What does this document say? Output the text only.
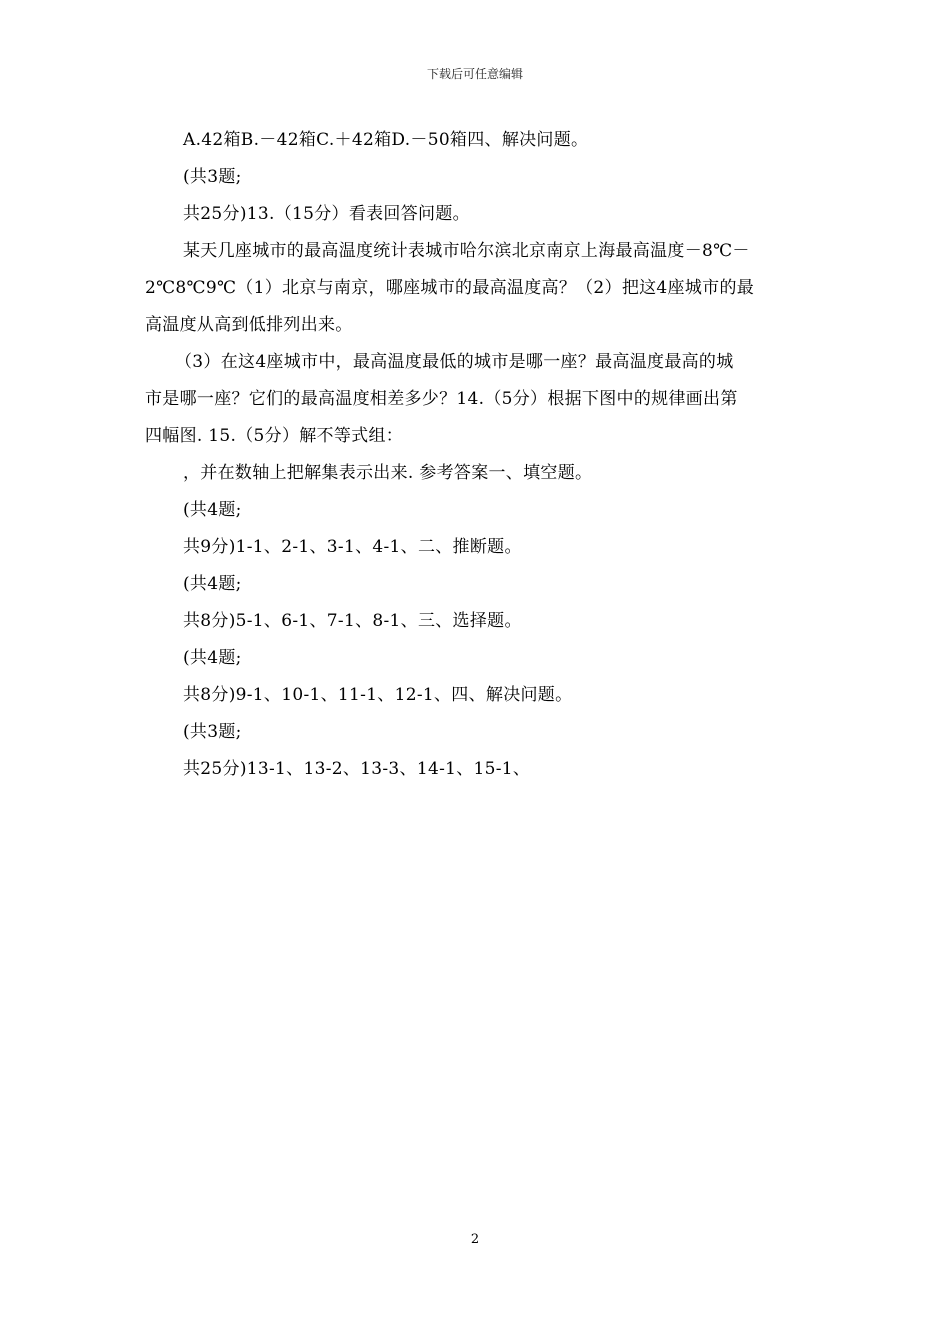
下载后可任意编辑
A.42箱B.－42箱C.＋42箱D.－50箱四、解决问题。
(共3题;
共25分)13.（15分）看表回答问题。
某天几座城市的最高温度统计表城市哈尔滨北京南京上海最高温度－8℃－
2℃8℃9℃（1）北京与南京，哪座城市的最高温度高？（2）把这4座城市的最
高温度从高到低排列出来。
（3）在这4座城市中，最高温度最低的城市是哪一座？最高温度最高的城
市是哪一座？它们的最高温度相差多少？14.（5分）根据下图中的规律画出第
四幅图. 15.（5分）解不等式组：
，并在数轴上把解集表示出来. 参考答案一、填空题。
(共4题;
共9分)1-1、2-1、3-1、4-1、二、推断题。
(共4题;
共8分)5-1、6-1、7-1、8-1、三、选择题。
(共4题;
共8分)9-1、10-1、11-1、12-1、四、解决问题。
(共3题;
共25分)13-1、13-2、13-3、14-1、15-1、
2
